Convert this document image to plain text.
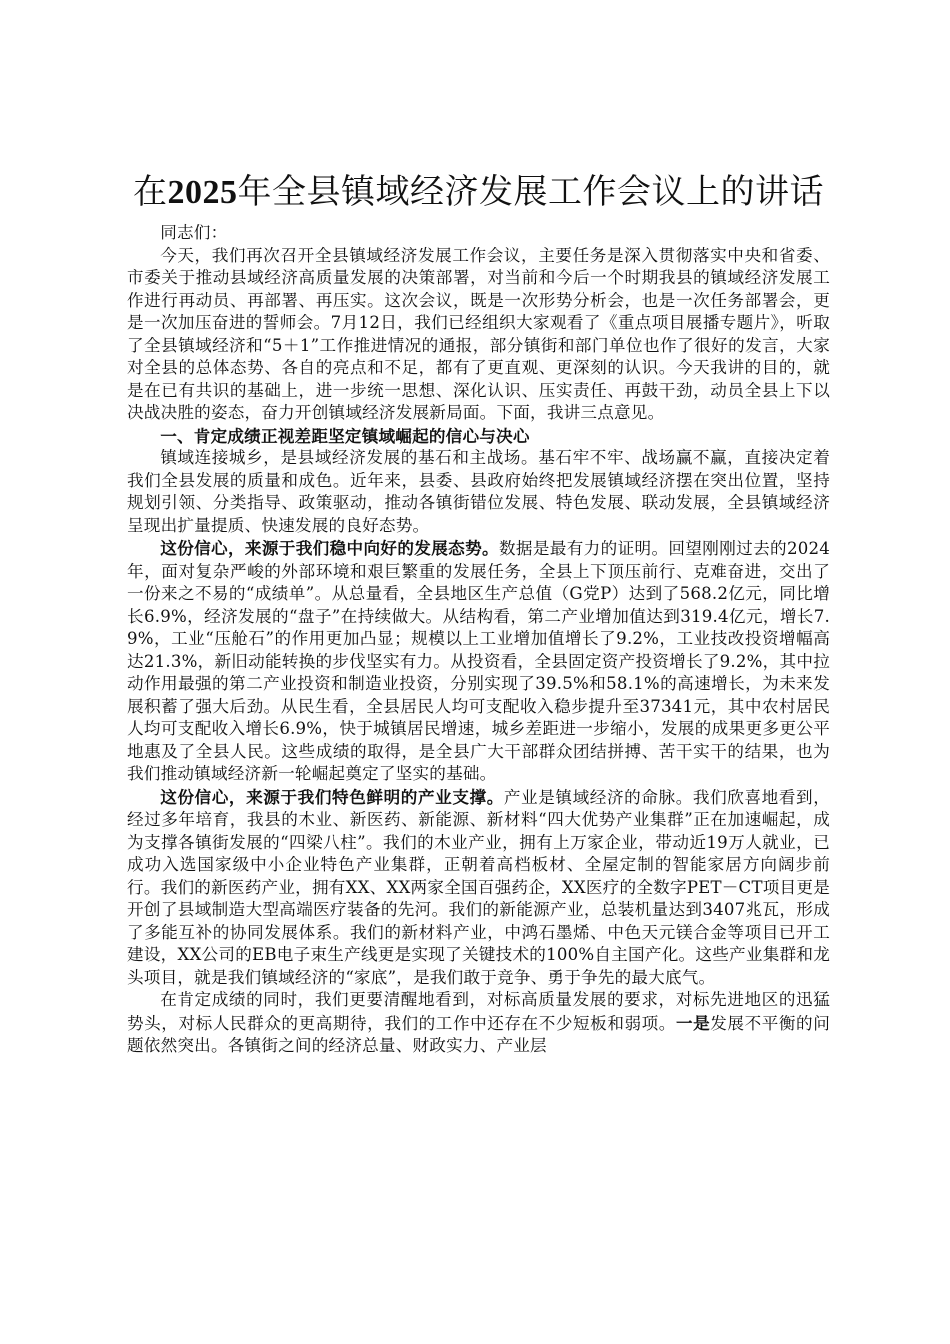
在2025年全县镇域经济发展工作会议上的讲话

同志们：

今天，我们再次召开全县镇域经济发展工作会议，主要任务是深入贯彻落实中央和省委、市委关于推动县域经济高质量发展的决策部署，对当前和今后一个时期我县的镇域经济发展工作进行再动员、再部署、再压实。这次会议，既是一次形势分析会，也是一次任务部署会，更是一次加压奋进的誓师会。7月12日，我们已经组织大家观看了《重点项目展播专题片》，听取了全县镇域经济和“5＋1”工作推进情况的通报，部分镇街和部门单位也作了很好的发言，大家对全县的总体态势、各自的亮点和不足，都有了更直观、更深刻的认识。今天我讲的目的，就是在已有共识的基础上，进一步统一思想、深化认识、压实责任、再鼓干劲，动员全县上下以决战决胜的姿态，奋力开创镇域经济发展新局面。下面，我讲三点意见。

一、肯定成绩正视差距坚定镇域崛起的信心与决心

镇域连接城乡，是县域经济发展的基石和主战场。基石牢不牢、战场赢不赢，直接决定着我们全县发展的质量和成色。近年来，县委、县政府始终把发展镇域经济摆在突出位置，坚持规划引领、分类指导、政策驱动，推动各镇街错位发展、特色发展、联动发展，全县镇域经济呈现出扩量提质、快速发展的良好态势。

这份信心，来源于我们稳中向好的发展态势。数据是最有力的证明。回望刚刚过去的2024年，面对复杂严峻的外部环境和艰巨繁重的发展任务，全县上下顶压前行、克难奋进，交出了一份来之不易的“成绩单”。从总量看，全县地区生产总值（G党P）达到了568.2亿元，同比增长6.9%，经济发展的“盘子”在持续做大。从结构看，第二产业增加值达到319.4亿元，增长7.9%，工业“压舱石”的作用更加凸显；规模以上工业增加值增长了9.2%，工业技改投资增幅高达21.3%，新旧动能转换的步伐坚实有力。从投资看，全县固定资产投资增长了9.2%，其中拉动作用最强的第二产业投资和制造业投资，分别实现了39.5%和58.1%的高速增长，为未来发展积蓄了强大后劲。从民生看，全县居民人均可支配收入稳步提升至37341元，其中农村居民人均可支配收入增长6.9%，快于城镇居民增速，城乡差距进一步缩小，发展的成果更多更公平地惠及了全县人民。这些成绩的取得，是全县广大干部群众团结拼搏、苦干实干的结果，也为我们推动镇域经济新一轮崛起奠定了坚实的基础。

这份信心，来源于我们特色鲜明的产业支撑。产业是镇域经济的命脉。我们欣喜地看到，经过多年培育，我县的木业、新医药、新能源、新材料“四大优势产业集群”正在加速崛起，成为支撑各镇街发展的“四梁八柱”。我们的木业产业，拥有上万家企业，带动近19万人就业，已成功入选国家级中小企业特色产业集群，正朝着高档板材、全屋定制的智能家居方向阔步前行。我们的新医药产业，拥有XX、XX两家全国百强药企，XX医疗的全数字PET－CT项目更是开创了县域制造大型高端医疗装备的先河。我们的新能源产业，总装机量达到3407兆瓦，形成了多能互补的协同发展体系。我们的新材料产业，中鸿石墨烯、中色天元镁合金等项目已开工建设，XX公司的EB电子束生产线更是实现了关键技术的100%自主国产化。这些产业集群和龙头项目，就是我们镇域经济的“家底”，是我们敢于竞争、勇于争先的最大底气。

在肯定成绩的同时，我们更要清醒地看到，对标高质量发展的要求，对标先进地区的迅猛势头，对标人民群众的更高期待，我们的工作中还存在不少短板和弱项。一是发展不平衡的问题依然突出。各镇街之间的经济总量、财政实力、产业层
